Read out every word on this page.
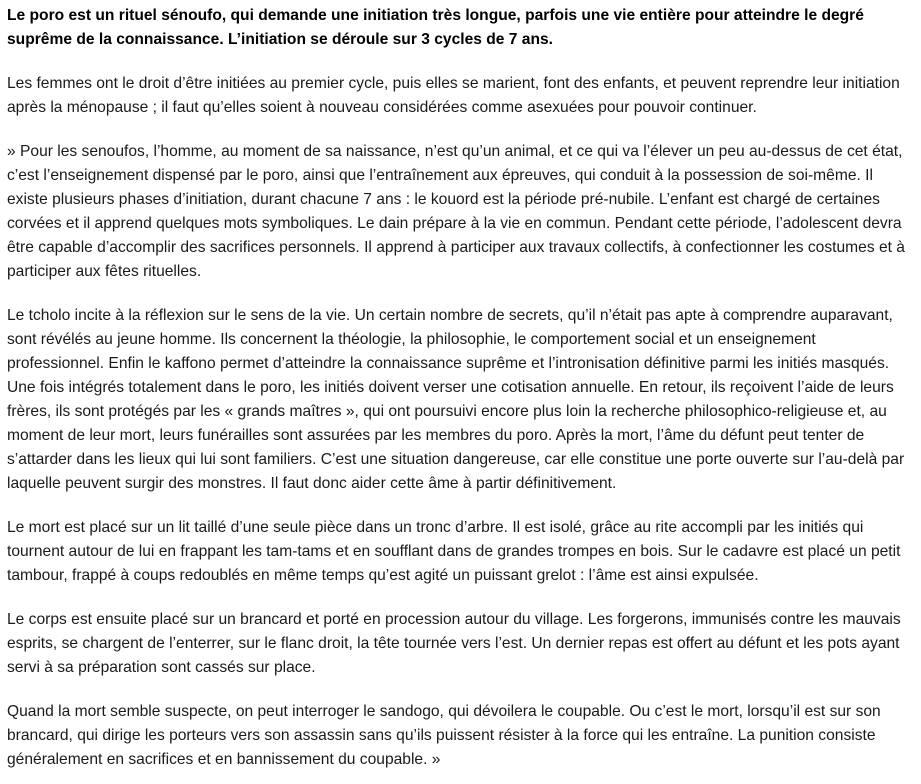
Le poro est un rituel sénoufo, qui demande une initiation très longue, parfois une vie entière pour atteindre le degré suprême de la connaissance. L’initiation se déroule sur 3 cycles de 7 ans.

Les femmes ont le droit d’être initiées au premier cycle, puis elles se marient, font des enfants, et peuvent reprendre leur initiation après la ménopause ; il faut qu’elles soient à nouveau considérées comme asexuées pour pouvoir continuer.

» Pour les senoufos, l’homme, au moment de sa naissance, n’est qu’un animal, et ce qui va l’élever un peu au-dessus de cet état, c’est l’enseignement dispensé par le poro, ainsi que l’entraînement aux épreuves, qui conduit à la possession de soi-même. Il existe plusieurs phases d’initiation, durant chacune 7 ans : le kouord est la période pré-nubile. L’enfant est chargé de certaines corvées et il apprend quelques mots symboliques. Le dain prépare à la vie en commun. Pendant cette période, l’adolescent devra être capable d’accomplir des sacrifices personnels. Il apprend à participer aux travaux collectifs, à confectionner les costumes et à participer aux fêtes rituelles.

Le tcholo incite à la réflexion sur le sens de la vie. Un certain nombre de secrets, qu’il n’était pas apte à comprendre auparavant, sont révélés au jeune homme. Ils concernent la théologie, la philosophie, le comportement social et un enseignement professionnel. Enfin le kaffono permet d’atteindre la connaissance suprême et l’intronisation définitive parmi les initiés masqués. Une fois intégrés totalement dans le poro, les initiés doivent verser une cotisation annuelle. En retour, ils reçoivent l’aide de leurs frères, ils sont protégés par les « grands maîtres », qui ont poursuivi encore plus loin la recherche philosophico-religieuse et, au moment de leur mort, leurs funérailles sont assurées par les membres du poro. Après la mort, l’âme du défunt peut tenter de s’attarder dans les lieux qui lui sont familiers. C’est une situation dangereuse, car elle constitue une porte ouverte sur l’au-delà par laquelle peuvent surgir des monstres. Il faut donc aider cette âme à partir définitivement.

Le mort est placé sur un lit taillé d’une seule pièce dans un tronc d’arbre. Il est isolé, grâce au rite accompli par les initiés qui tournent autour de lui en frappant les tam-tams et en soufflant dans de grandes trompes en bois. Sur le cadavre est placé un petit tambour, frappé à coups redoublés en même temps qu’est agité un puissant grelot : l’âme est ainsi expulsée.

Le corps est ensuite placé sur un brancard et porté en procession autour du village. Les forgerons, immunisés contre les mauvais esprits, se chargent de l’enterrer, sur le flanc droit, la tête tournée vers l’est. Un dernier repas est offert au défunt et les pots ayant servi à sa préparation sont cassés sur place.

Quand la mort semble suspecte, on peut interroger le sandogo, qui dévoilera le coupable. Ou c’est le mort, lorsqu’il est sur son brancard, qui dirige les porteurs vers son assassin sans qu’ils puissent résister à la force qui les entraîne. La punition consiste généralement en sacrifices et en bannissement du coupable. »
